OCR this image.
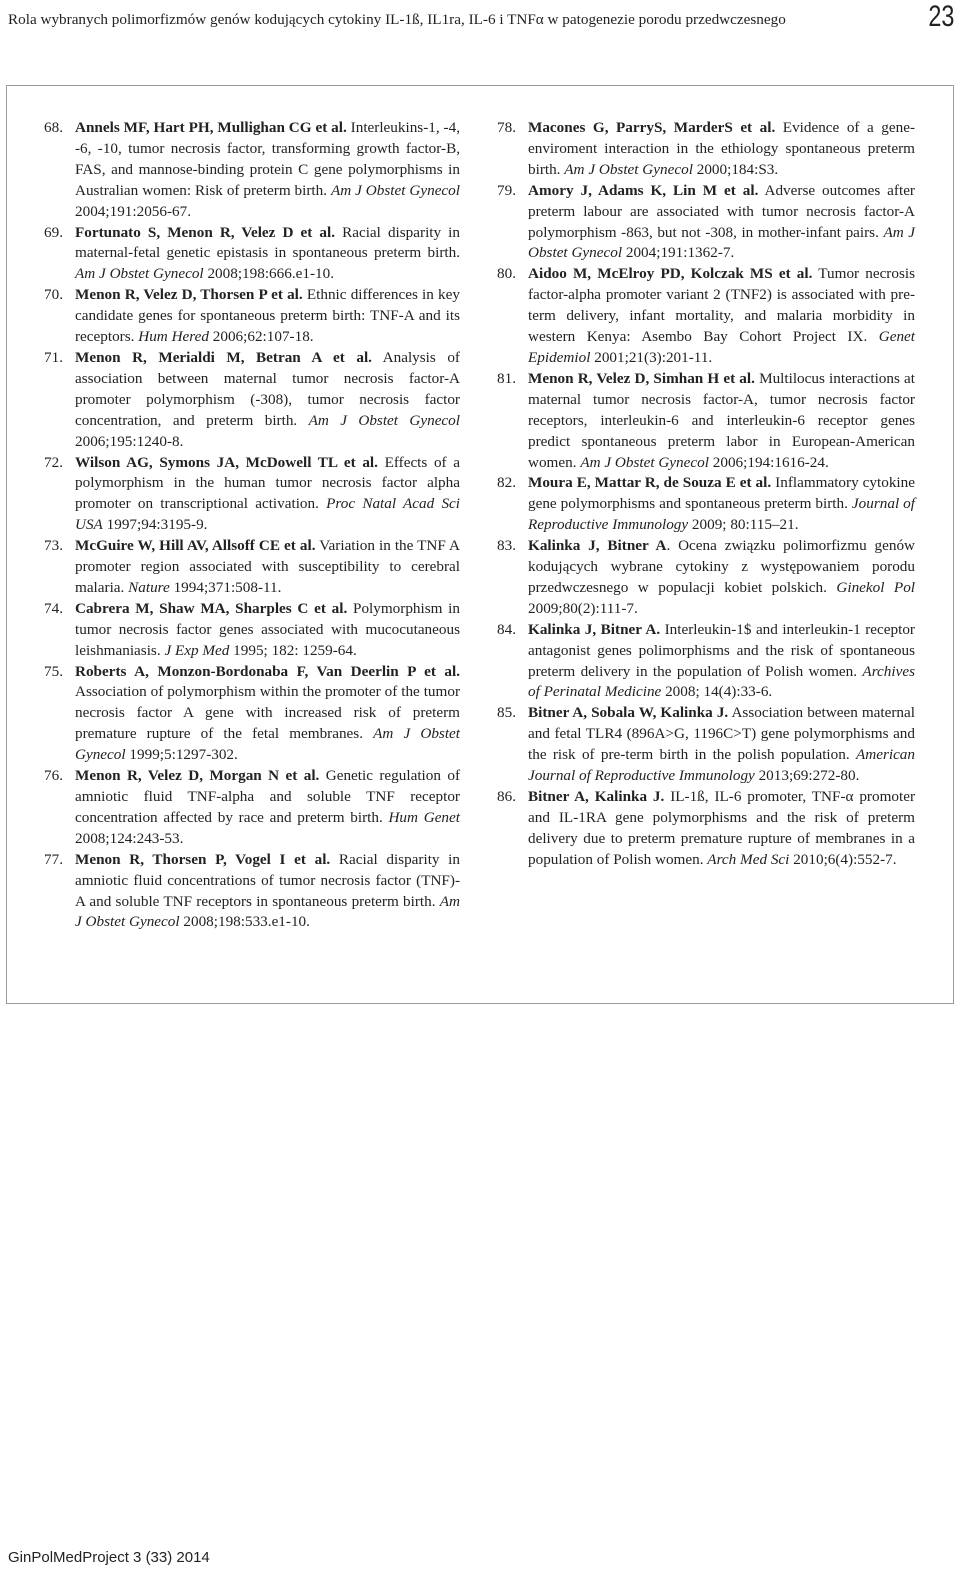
Rola wybranych polimorfizmów genów kodujących cytokiny IL-1ß, IL1ra, IL-6 i TNFα w patogenezie porodu przedwczesnego	23

68. Annels MF, Hart PH, Mullighan CG et al. Interleukins-1, -4, -6, -10, tumor necrosis factor, transforming growth factor-B, FAS, and mannose-binding protein C gene polymorphisms in Australian women: Risk of preterm birth. Am J Obstet Gynecol 2004;191:2056-67.

69. Fortunato S, Menon R, Velez D et al. Racial disparity in maternal-fetal genetic epistasis in spontaneous preterm birth. Am J Obstet Gynecol 2008;198:666.e1-10.

70. Menon R, Velez D, Thorsen P et al. Ethnic differences in key candidate genes for spontaneous preterm birth: TNF-A and its receptors. Hum Hered 2006;62:107-18.

71. Menon R, Merialdi M, Betran A et al. Analysis of association between maternal tumor necrosis factor-A promoter polymorphism (-308), tumor necrosis factor concentration, and preterm birth. Am J Obstet Gynecol 2006;195:1240-8.

72. Wilson AG, Symons JA, McDowell TL et al. Effects of a polymorphism in the human tumor necrosis factor alpha promoter on transcriptional activation. Proc Natal Acad Sci USA 1997;94:3195-9.

73. McGuire W, Hill AV, Allsoff CE et al. Variation in the TNF A promoter region associated with susceptibility to cerebral malaria. Nature 1994;371:508-11.

74. Cabrera M, Shaw MA, Sharples C et al. Polymorphism in tumor necrosis factor genes associated with mucocutaneous leishmaniasis. J Exp Med 1995; 182: 1259-64.

75. Roberts A, Monzon-Bordonaba F, Van Deerlin P et al. Association of polymorphism within the promoter of the tumor necrosis factor A gene with increased risk of preterm premature rupture of the fetal membranes. Am J Obstet Gynecol 1999;5:1297-302.

76. Menon R, Velez D, Morgan N et al. Genetic regulation of amniotic fluid TNF-alpha and soluble TNF receptor concentration affected by race and preterm birth. Hum Genet 2008;124:243-53.

77. Menon R, Thorsen P, Vogel I et al. Racial disparity in amniotic fluid concentrations of tumor necrosis factor (TNF)-A and soluble TNF receptors in spontaneous preterm birth. Am J Obstet Gynecol 2008;198:533.e1-10.

78. Macones G, ParryS, MarderS et al. Evidence of a gene-enviroment interaction in the ethiology spontaneous preterm birth. Am J Obstet Gynecol 2000;184:S3.

79. Amory J, Adams K, Lin M et al. Adverse outcomes after preterm labour are associated with tumor necrosis factor-A polymorphism -863, but not -308, in mother-infant pairs. Am J Obstet Gynecol 2004;191:1362-7.

80. Aidoo M, McElroy PD, Kolczak MS et al. Tumor necrosis factor-alpha promoter variant 2 (TNF2) is associated with pre-term delivery, infant mortality, and malaria morbidity in western Kenya: Asembo Bay Cohort Project IX. Genet Epidemiol 2001;21(3):201-11.

81. Menon R, Velez D, Simhan H et al. Multilocus interactions at maternal tumor necrosis factor-A, tumor necrosis factor receptors, interleukin-6 and interleukin-6 receptor genes predict spontaneous preterm labor in European-American women. Am J Obstet Gynecol 2006;194:1616-24.

82. Moura E, Mattar R, de Souza E et al. Inflammatory cytokine gene polymorphisms and spontaneous preterm birth. Journal of Reproductive Immunology 2009; 80:115–21.

83. Kalinka J, Bitner A. Ocena związku polimorfizmu genów kodujących wybrane cytokiny z występowaniem porodu przedwczesnego w populacji kobiet polskich. Ginekol Pol 2009;80(2):111-7.

84. Kalinka J, Bitner A. Interleukin-1$ and interleukin-1 receptor antagonist genes polimorphisms and the risk of spontaneous preterm delivery in the population of Polish women. Archives of Perinatal Medicine 2008; 14(4):33-6.

85. Bitner A, Sobala W, Kalinka J. Association between maternal and fetal TLR4 (896A>G, 1196C>T) gene polymorphisms and the risk of pre-term birth in the polish population. American Journal of Reproductive Immunology 2013;69:272-80.

86. Bitner A, Kalinka J. IL-1ß, IL-6 promoter, TNF-α promoter and IL-1RA gene polymorphisms and the risk of preterm delivery due to preterm premature rupture of membranes in a population of Polish women. Arch Med Sci 2010;6(4):552-7.

GinPolMedProject 3 (33) 2014
